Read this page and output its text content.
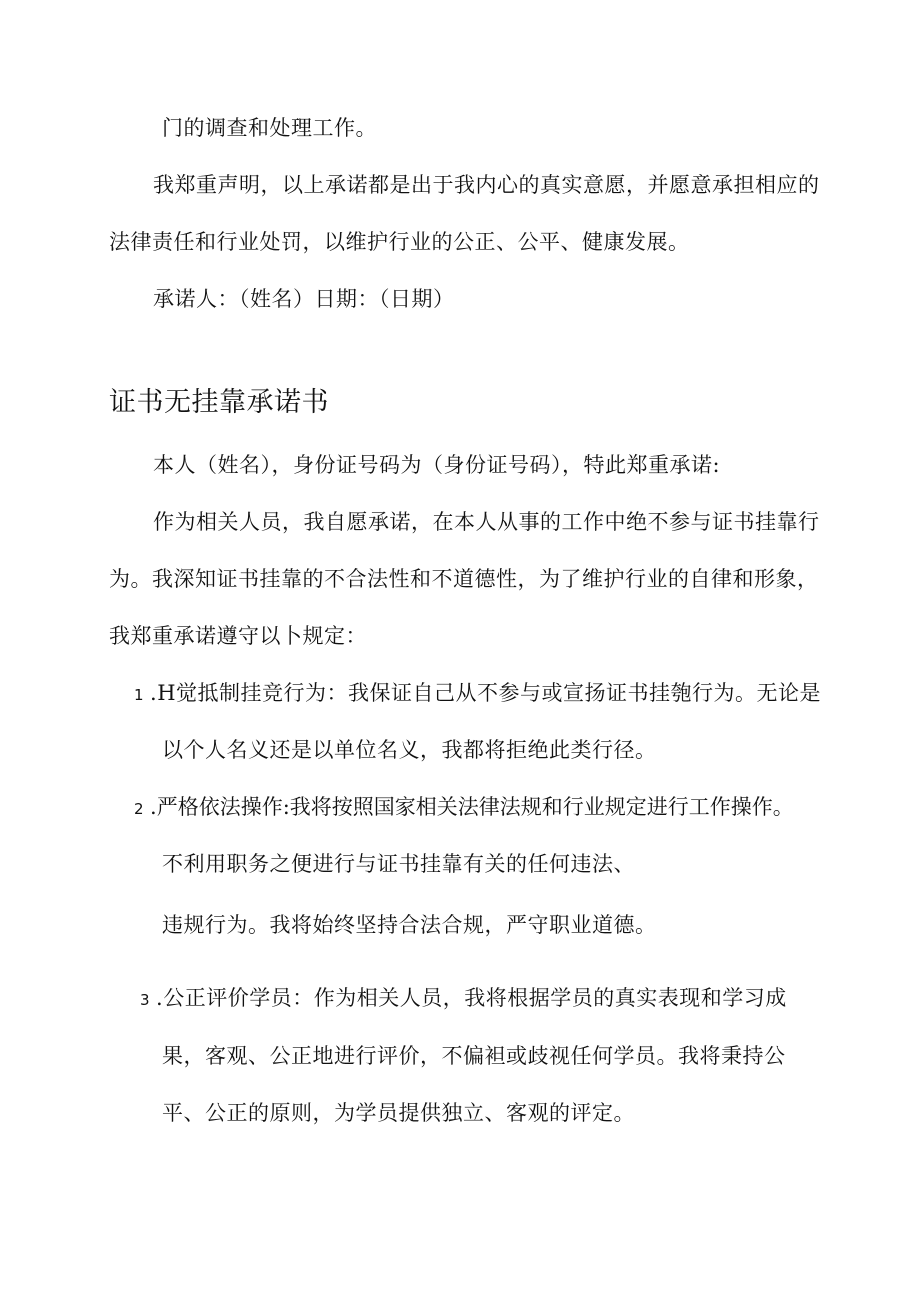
门的调查和处理工作。

我郑重声明，以上承诺都是出于我内心的真实意愿，并愿意承担相应的

法律责任和行业处罚，以维护行业的公正、公平、健康发展。

承诺人：（姓名）日期：（日期）

证书无挂靠承诺书

本人（姓名），身份证号码为（身份证号码），特此郑重承诺:

作为相关人员，我自愿承诺，在本人从事的工作中绝不参与证书挂靠行

为。我深知证书挂靠的不合法性和不道德性，为了维护行业的自律和形象，

我郑重承诺遵守以卜规定：

1 .H觉抵制挂竞行为：我保证自己从不参与或宣扬证书挂匏行为。无论是

以个人名义还是以单位名义，我都将拒绝此类行径。

2 .严格依法操作:我将按照国家相关法律法规和行业规定进行工作操作。

不利用职务之便进行与证书挂靠有关的任何违法、

违规行为。我将始终坚持合法合规，严守职业道德。

3 .公正评价学员：作为相关人员，我将根据学员的真实表现和学习成

果，客观、公正地进行评价，不偏袒或歧视任何学员。我将秉持公

平、公正的原则，为学员提供独立、客观的评定。
